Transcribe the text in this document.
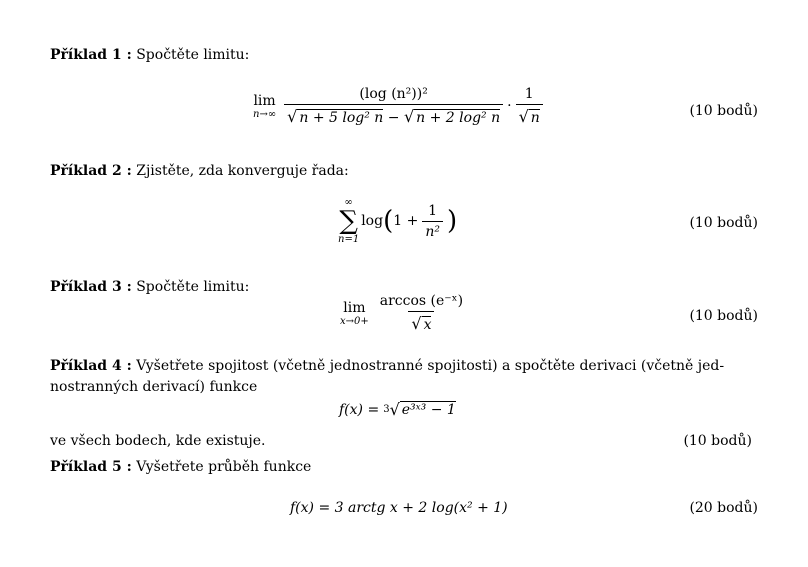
Příklad 1 : Spočtěte limitu:
lim
$n\to\infty \frac{\text{(log (n²))²}}{\text{√ n + 5 log² n − √ n + 2 log² n}} \cdot \frac{1}{√ n}$	(10 bodů)
Příklad 2 : Zjistěte, zda konverguje řada:
∞
∑
n=1
log ( $1 + \frac{1}{\text{n²}}$ )	(10 bodů)
Příklad 3 : Spočtěte limitu:
lim
$x\to 0+ \frac{\text{arccos (e⁻ˣ)}}{√ x}$	(10 bodů)
Příklad 4 : Vyšetřete spojitost (včetně jednostranné spojitosti) a spočtěte derivaci (včetně jed-
nostranných derivací) funkce
f(x) = 3 √ e³ˣ³ − 1
ve všech bodech, kde existuje.	(10 bodů)
Příklad 5 : Vyšetřete průběh funkce
f(x) = 3 arctg x + 2 log(x² + 1)	(20 bodů)
